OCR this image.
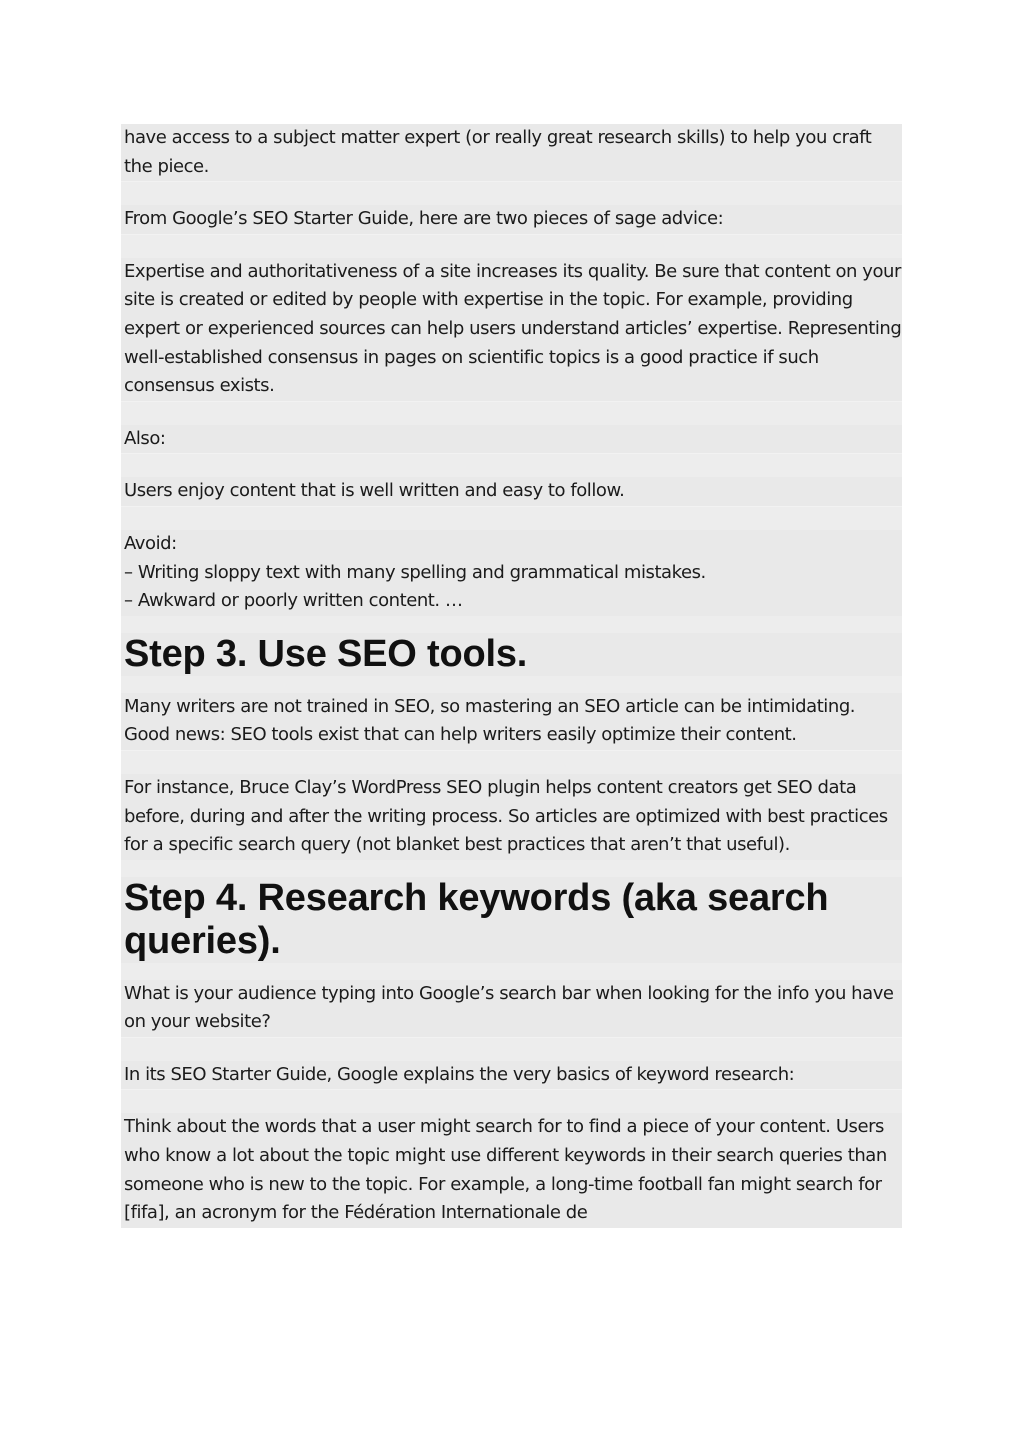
have access to a subject matter expert (or really great research skills) to help you craft the piece.

From Google’s SEO Starter Guide, here are two pieces of sage advice:

Expertise and authoritativeness of a site increases its quality. Be sure that content on your site is created or edited by people with expertise in the topic. For example, providing expert or experienced sources can help users understand articles’ expertise. Representing well-established consensus in pages on scientific topics is a good practice if such consensus exists.

Also:

Users enjoy content that is well written and easy to follow.

Avoid:
– Writing sloppy text with many spelling and grammatical mistakes.
– Awkward or poorly written content. …
Step 3. Use SEO tools.

Many writers are not trained in SEO, so mastering an SEO article can be intimidating. Good news: SEO tools exist that can help writers easily optimize their content.

For instance, Bruce Clay’s WordPress SEO plugin helps content creators get SEO data before, during and after the writing process. So articles are optimized with best practices for a specific search query (not blanket best practices that aren’t that useful).

Step 4. Research keywords (aka search queries).

What is your audience typing into Google’s search bar when looking for the info you have on your website?

In its SEO Starter Guide, Google explains the very basics of keyword research:

Think about the words that a user might search for to find a piece of your content. Users who know a lot about the topic might use different keywords in their search queries than someone who is new to the topic. For example, a long-time football fan might search for [fifa], an acronym for the Fédération Internationale de
